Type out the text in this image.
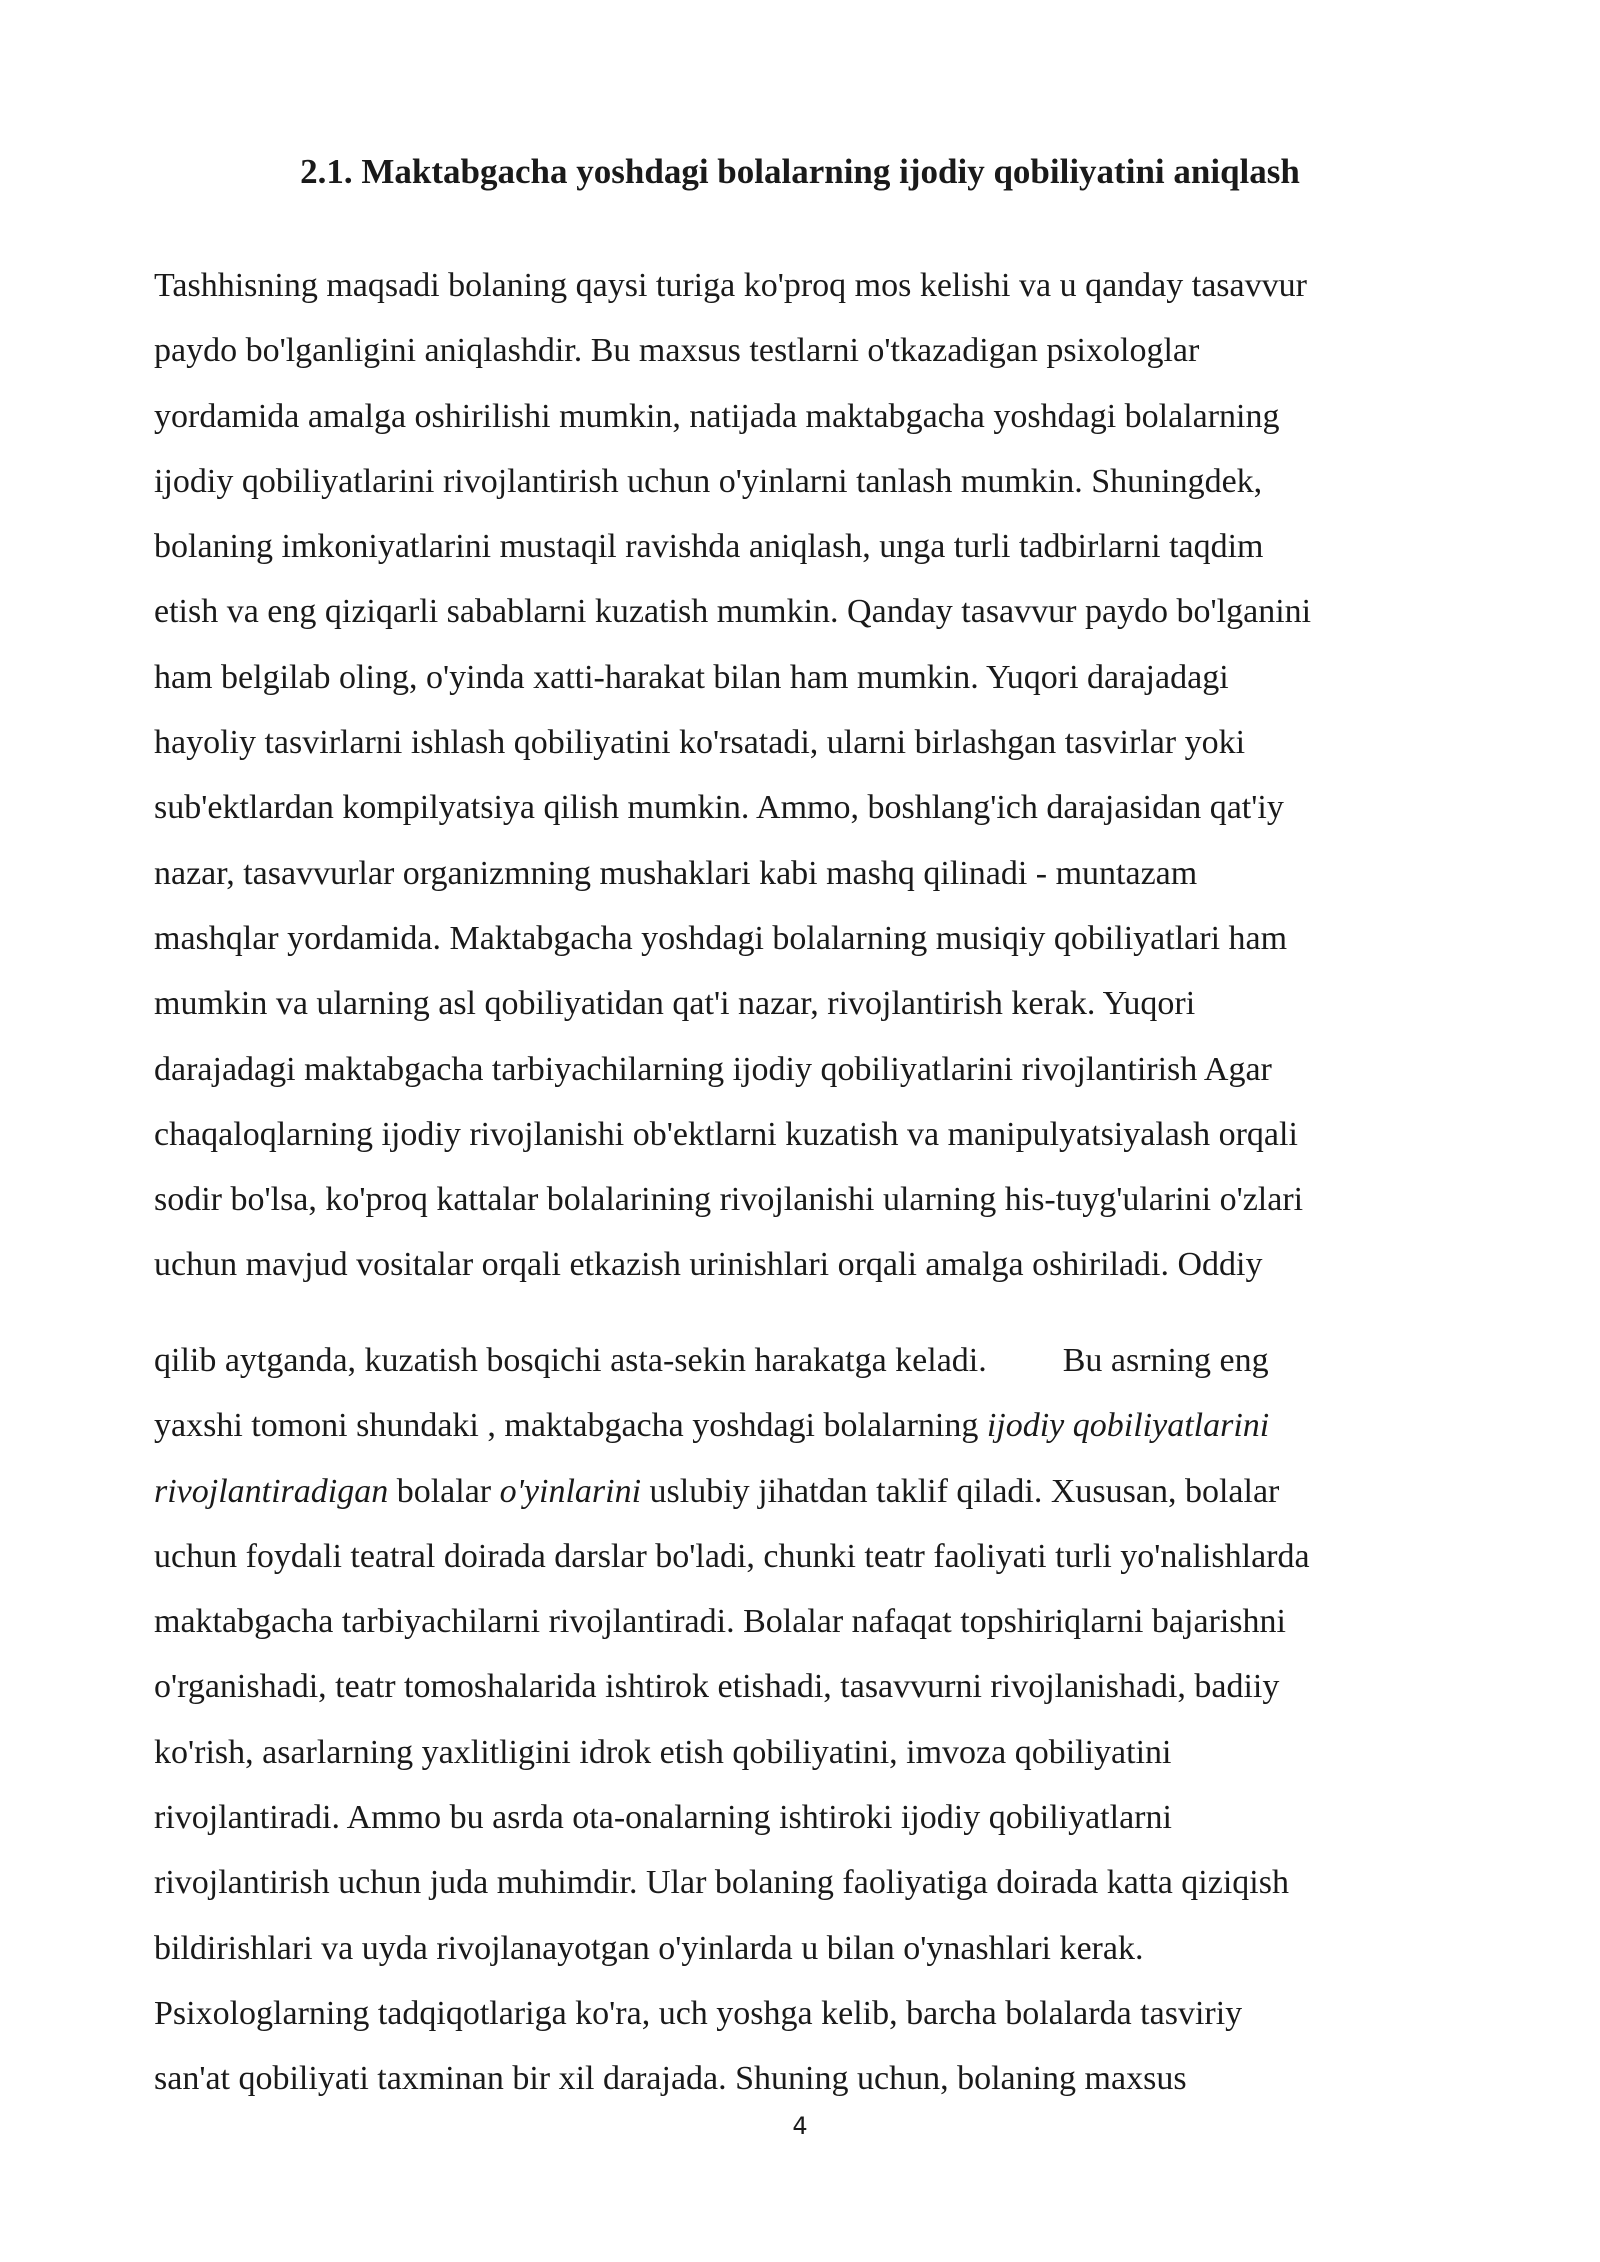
2.1. Maktabgacha yoshdagi bolalarning ijodiy qobiliyatini aniqlash
Tashhisning maqsadi bolaning qaysi turiga ko'proq mos kelishi va u qanday tasavvur
paydo bo'lganligini aniqlashdir. Bu maxsus testlarni o'tkazadigan psixologlar
yordamida amalga oshirilishi mumkin, natijada maktabgacha yoshdagi bolalarning
ijodiy qobiliyatlarini rivojlantirish uchun o'yinlarni tanlash mumkin. Shuningdek,
bolaning imkoniyatlarini mustaqil ravishda aniqlash, unga turli tadbirlarni taqdim
etish va eng qiziqarli sabablarni kuzatish mumkin. Qanday tasavvur paydo bo'lganini
ham belgilab oling, o'yinda xatti-harakat bilan ham mumkin. Yuqori darajadagi
hayoliy tasvirlarni ishlash qobiliyatini ko'rsatadi, ularni birlashgan tasvirlar yoki
sub'ektlardan kompilyatsiya qilish mumkin. Ammo, boshlang'ich darajasidan qat'iy
nazar, tasavvurlar organizmning mushaklari kabi mashq qilinadi - muntazam
mashqlar yordamida. Maktabgacha yoshdagi bolalarning musiqiy qobiliyatlari ham
mumkin va ularning asl qobiliyatidan qat'i nazar, rivojlantirish kerak. Yuqori
darajadagi maktabgacha tarbiyachilarning ijodiy qobiliyatlarini rivojlantirish Agar
chaqaloqlarning ijodiy rivojlanishi ob'ektlarni kuzatish va manipulyatsiyalash orqali
sodir bo'lsa, ko'proq kattalar bolalarining rivojlanishi ularning his-tuyg'ularini o'zlari
uchun mavjud vositalar orqali etkazish urinishlari orqali amalga oshiriladi. Oddiy
qilib aytganda, kuzatish bosqichi asta-sekin harakatga keladi. Bu asrning eng
yaxshi tomoni shundaki , maktabgacha yoshdagi bolalarning ijodiy qobiliyatlarini
rivojlantiradigan bolalar o'yinlarini uslubiy jihatdan taklif qiladi. Xususan, bolalar
uchun foydali teatral doirada darslar bo'ladi, chunki teatr faoliyati turli yo'nalishlarda
maktabgacha tarbiyachilarni rivojlantiradi. Bolalar nafaqat topshiriqlarni bajarishni
o'rganishadi, teatr tomoshalarida ishtirok etishadi, tasavvurni rivojlanishadi, badiiy
ko'rish, asarlarning yaxlitligini idrok etish qobiliyatini, imvoza qobiliyatini
rivojlantiradi. Ammo bu asrda ota-onalarning ishtiroki ijodiy qobiliyatlarni
rivojlantirish uchun juda muhimdir. Ular bolaning faoliyatiga doirada katta qiziqish
bildirishlari va uyda rivojlanayotgan o'yinlarda u bilan o'ynashlari kerak.
Psixologlarning tadqiqotlariga ko'ra, uch yoshga kelib, barcha bolalarda tasviriy
san'at qobiliyati taxminan bir xil darajada. Shuning uchun, bolaning maxsus
4
